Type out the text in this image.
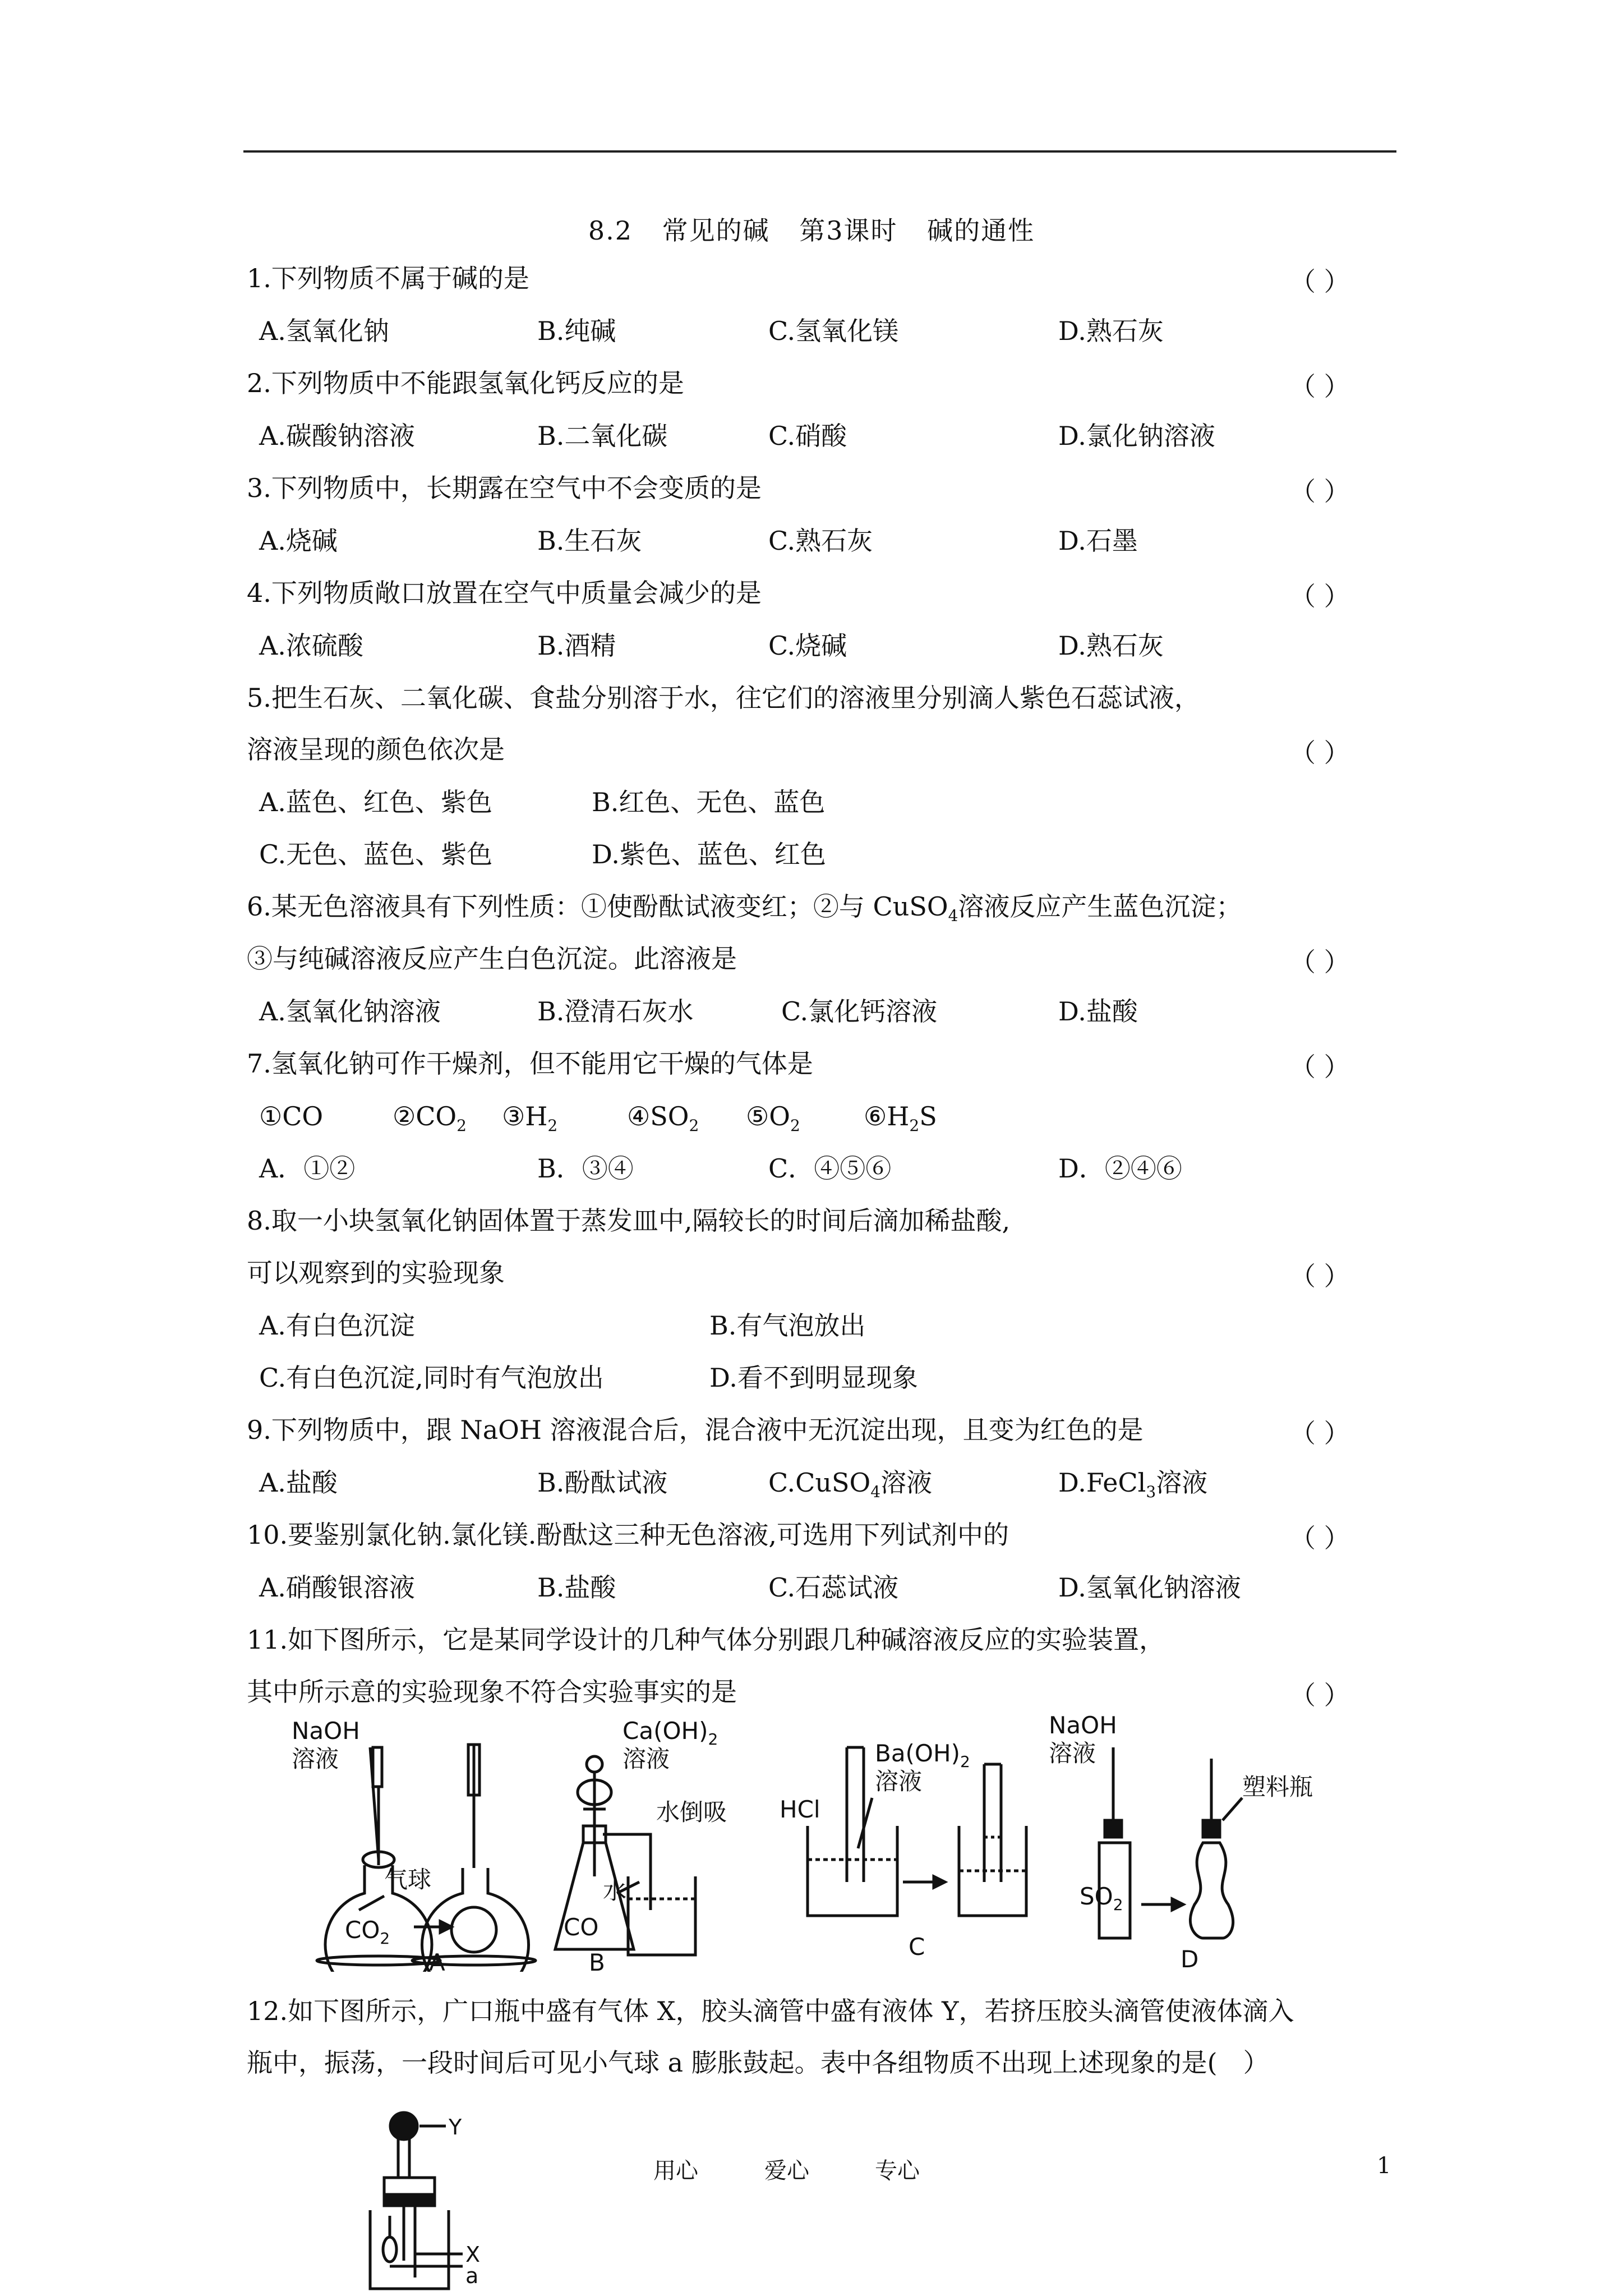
8.2 常见的碱 第3课时 碱的通性
1.下列物质不属于碱的是	（ ）
A.氢氧化钠	B.纯碱	C.氢氧化镁	D.熟石灰
2.下列物质中不能跟氢氧化钙反应的是	（ ）
A.碳酸钠溶液	B.二氧化碳	C.硝酸	D.氯化钠溶液
3.下列物质中，长期露在空气中不会变质的是	（ ）
A.烧碱	B.生石灰	C.熟石灰	D.石墨
4.下列物质敞口放置在空气中质量会减少的是	（ ）
A.浓硫酸	B.酒精	C.烧碱	D.熟石灰
5.把生石灰、二氧化碳、食盐分别溶于水，往它们的溶液里分别滴人紫色石蕊试液，
溶液呈现的颜色依次是	（ ）
A.蓝色、红色、紫色	B.红色、无色、蓝色
C.无色、蓝色、紫色	D.紫色、蓝色、红色
6.某无色溶液具有下列性质：①使酚酞试液变红；②与 CuSO$_4$溶液反应产生蓝色沉淀；
③与纯碱溶液反应产生白色沉淀。此溶液是	（ ）
A.氢氧化钠溶液	B.澄清石灰水	C.氯化钙溶液	D.盐酸
7.氢氧化钠可作干燥剂，但不能用它干燥的气体是	（ ）
①CO	$②CO_2$ $③H_2$	$④SO_2$ $⑤O_2$ $⑥H_2S$
A．①②	B．③④	C．④⑤⑥	D．②④⑥
8.取一小块氢氧化钠固体置于蒸发皿中,隔较长的时间后滴加稀盐酸,
可以观察到的实验现象	（ ）
A.有白色沉淀	B.有气泡放出
C.有白色沉淀,同时有气泡放出	D.看不到明显现象
9.下列物质中，跟 NaOH 溶液混合后，混合液中无沉淀出现，且变为红色的是	（ ）
A.盐酸	B.酚酞试液	C.CuSO$_4$溶液	D.FeCl$_3$溶液
10.要鉴别氯化钠.氯化镁.酚酞这三种无色溶液,可选用下列试剂中的	（ ）
A.硝酸银溶液	B.盐酸	C.石蕊试液	D.氢氧化钠溶液
11.如下图所示，它是某同学设计的几种气体分别跟几种碱溶液反应的实验装置，
其中所示意的实验现象不符合实验事实的是	（ ）
NaOH
溶液
气球
$CO_2$
A
$Ca(OH)_2$
溶液
CO
水
水倒吸
B
HCl
$Ba(OH)_2$
溶液
C
NaOH
溶液
$SO_2$
塑料瓶
D
12.如下图所示，广口瓶中盛有气体 X，胶头滴管中盛有液体 Y，若挤压胶头滴管使液体滴入
瓶中，振荡，一段时间后可见小气球 a 膨胀鼓起。表中各组物质不出现上述现象的是( ）
Y
X
a
用心	爱心	专心	1
